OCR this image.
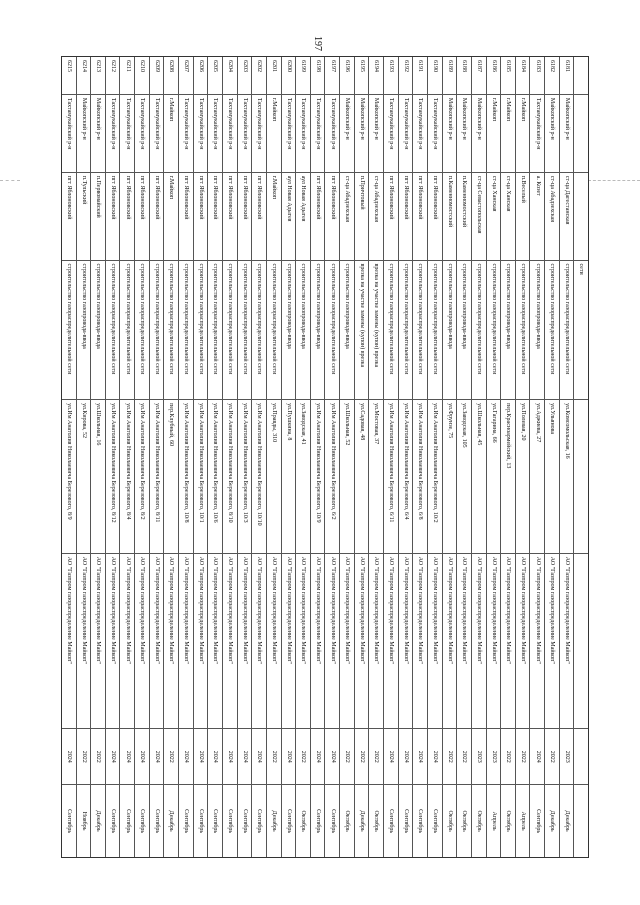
197
сети
6181
Майкопский р-н
ст-ца Дагестанская
строительство газораспределительной сети
ул.Комсомольская, 16
АО "Газпром газораспределение Майкоп"
2023
Декабрь
6182
Майкопский р-н
ст-ца Абадзехская
строительство газораспределительной сети
ул.Ульянова
АО "Газпром газораспределение Майкоп"
2022
Декабрь
6183
Тахтамукайский р-н
а. Козет
строительство газопровода-ввода
ул.Аджиева, 27
АО "Газпром газораспределение Майкоп"
2024
Сентябрь
6184
г.Майкоп
п.Веселый
строительство газораспределительной сети
ул.Полевая, 20
АО "Газпром газораспределение Майкоп"
2022
Апрель
6185
г.Майкоп
ст-ца Ханская
строительство газопровода-ввода
пер.Красноармейский, 13
АО "Газпром газораспределение Майкоп"
2022
Октябрь
6186
г.Майкоп
ст-ца Ханская
строительство газораспределительной сети
ул.Гагарина, 66
АО "Газпром газораспределение Майкоп"
2023
Апрель
6187
Майкопский р-н
ст-ца Севастопольская
строительство газораспределительной сети
ул.Школьная, 45
АО "Газпром газораспределение Майкоп"
2023
Октябрь
6188
Майкопский р-н
п.Каменномостский
строительство газопровода-ввода
ул.Заводская, 105
АО "Газпром газораспределение Майкоп"
2022
Октябрь
6189
Майкопский р-н
п.Каменномостский
строительство газопровода-ввода
ул.Фрунзе, 75
АО "Газпром газораспределение Майкоп"
2022
Октябрь
6190
Тахтамукайский р-н
пгт Яблоновский
строительство газораспределительной сети
ул.Им Анатолия Николаевича Березового, 10/2
АО "Газпром газораспределение Майкоп"
2024
Сентябрь
6191
Тахтамукайский р-н
пгт Яблоновский
строительство газораспределительной сети
ул.Им Анатолия Николаевича Березового, 6/8
АО "Газпром газораспределение Майкоп"
2024
Сентябрь
6192
Тахтамукайский р-н
пгт Яблоновский
строительство газораспределительной сети
ул.Им Анатолия Николаевича Березового, 6/4
АО "Газпром газораспределение Майкоп"
2024
Сентябрь
6193
Тахтамукайский р-н
пгт Яблоновский
строительство газораспределительной сети
ул.Им Анатолия Николаевича Березового, 6/11
АО "Газпром газораспределение Майкоп"
2024
Сентябрь
6194
Майкопский р-н
ст-ца Абадзехская
врезка на участке замены (купон) врезка
ул.Мостовая, 37
АО "Газпром газораспределение Майкоп"
2022
Октябрь
6195
Майкопский р-н
п.Причтовый
врезка на участке замены (купон) врезка
ул.Садовая, 48
АО "Газпром газораспределение Майкоп"
2022
Декабрь
6196
Майкопский р-н
ст-ца Абадзехская
строительство газопровода-ввода
ул.Школьная, 52
АО "Газпром газораспределение Майкоп"
2022
Октябрь
6197
Тахтамукайский р-н
пгт Яблоновский
строительство газораспределительной сети
ул.Им Анатолия Николаевича Березового, 6/2
АО "Газпром газораспределение Майкоп"
2024
Сентябрь
6198
Тахтамукайский р-н
пгт Яблоновский
строительство газопровода-ввода
ул.Им Анатолия Николаевича Березового, 10/9
АО "Газпром газораспределение Майкоп"
2024
Сентябрь
6199
Тахтамукайский р-н
аул Новая Адыгея
строительство газопровода-ввода
ул.Заводская, 41
АО "Газпром газораспределение Майкоп"
2022
Октябрь
6200
Тахтамукайский р-н
аул Новая Адыгея
строительство газопровода-ввода
ул.Пушкина, 8
АО "Газпром газораспределение Майкоп"
2024
Сентябрь
6201
г.Майкоп
г.Майкоп
строительство газораспределительной сети
ул.Правды, 310
АО "Газпром газораспределение Майкоп"
2022
Декабрь
6202
Тахтамукайский р-н
пгт Яблоновский
строительство газораспределительной сети
ул.Им Анатолия Николаевича Березового, 10/10
АО "Газпром газораспределение Майкоп"
2024
Сентябрь
6203
Тахтамукайский р-н
пгт Яблоновский
строительство газораспределительной сети
ул.Им Анатолия Николаевича Березового, 10/3
АО "Газпром газораспределение Майкоп"
2024
Сентябрь
6204
Тахтамукайский р-н
пгт Яблоновский
строительство газораспределительной сети
ул.Им Анатолия Николаевича Березового, 8/10
АО "Газпром газораспределение Майкоп"
2024
Сентябрь
6205
Тахтамукайский р-н
пгт Яблоновский
строительство газораспределительной сети
ул.Им Анатолия Николаевича Березового, 10/6
АО "Газпром газораспределение Майкоп"
2024
Сентябрь
6206
Тахтамукайский р-н
пгт Яблоновский
строительство газораспределительной сети
ул.Им Анатолия Николаевича Березового, 10/1
АО "Газпром газораспределение Майкоп"
2024
Сентябрь
6207
Тахтамукайский р-н
пгт Яблоновский
строительство газораспределительной сети
ул.Им Анатолия Николаевича Березового, 10/8
АО "Газпром газораспределение Майкоп"
2024
Сентябрь
6208
г.Майкоп
г.Майкоп
строительство газораспределительной сети
пер.Клубный, 60
АО "Газпром газораспределение Майкоп"
2022
Декабрь
6209
Тахтамукайский р-н
пгт Яблоновский
строительство газораспределительной сети
ул.Им Анатолия Николаевича Березового, 8/11
АО "Газпром газораспределение Майкоп"
2024
Сентябрь
6210
Тахтамукайский р-н
пгт Яблоновский
строительство газораспределительной сети
ул.Им Анатолия Николаевича Березового, 8/2
АО "Газпром газораспределение Майкоп"
2024
Сентябрь
6211
Тахтамукайский р-н
пгт Яблоновский
строительство газораспределительной сети
ул.Им Анатолия Николаевича Березового, 8/4
АО "Газпром газораспределение Майкоп"
2024
Сентябрь
6212
Тахтамукайский р-н
пгт Яблоновский
строительство газораспределительной сети
ул.Им Анатолия Николаевича Березового, 8/12
АО "Газпром газораспределение Майкоп"
2024
Сентябрь
6213
Майкопский р-н
п.Первомайский
строительство газопровода-ввода
ул.Школьная, 16
АО "Газпром газораспределение Майкоп"
2022
Декабрь
6214
Майкопский р-н
п.Тульский
строительство газопровода-ввода
ул.Кирова, 52
АО "Газпром газораспределение Майкоп"
2022
Ноябрь
6215
Тахтамукайский р-н
пгт Яблоновский
строительство газораспределительной сети
ул.Им Анатолия Николаевича Березового, 8/9
АО "Газпром газораспределение Майкоп"
2024
Сентябрь
